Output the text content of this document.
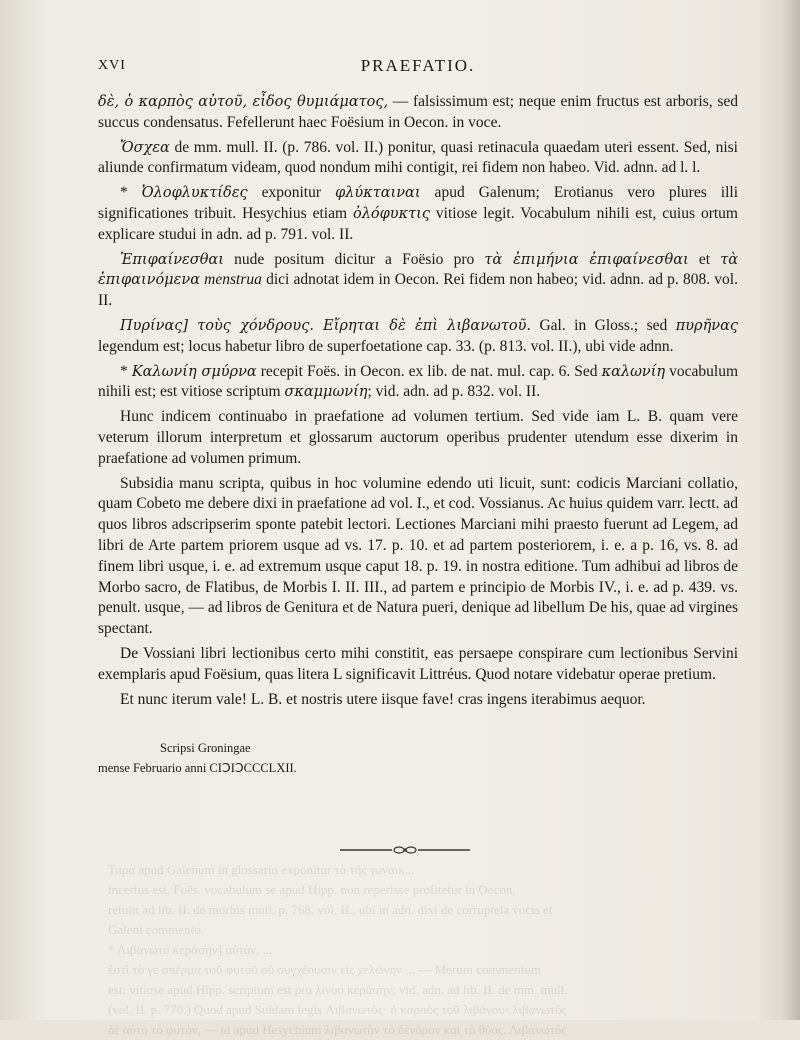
Ταρα apud Galenum in glossario exponitur τὸ τῆς γυναικ...
incertus est. Foës. vocabulum se apud Hipp. non reperisse profitetur in Oecon.
retulit ad lib. II. de morbis mull. p. 768. vol. II., ubi in adn. dixi de corruptela vocis et
Galeni commento.
* Λιβανωτὸ κεράσην] αὐτὸν, ...
ἐστὶ τὸ γε σπέρμα τοῦ φυτοῦ οὐ συγχέουσιν εἰς χελώνην ... — Merum commentum
est: vitiose apud Hipp. scriptum est pro λίνου κεράσην; vid. adn. ad lib. II. de mm. mull.
(vol. II. p. 770.) Quod apud Suidam legis Λιβανωτὸς· ὁ καρπὸς τοῦ λιβάνου· λιβανωτὸς
δὲ αὐτὸ τὸ φυτὸν, — id apud Hesychium λιβανωτὸν τὸ δένδρον καὶ τὸ θῦος. Λιβανωτός
XVI	PRAEFATIO.

δὲ, ὁ καρπὸς αὐτοῦ, εἶδος θυμιάματος, — falsissimum est; neque enim fructus est arboris, sed succus condensatus. Fefellerunt haec Foësium in Oecon. in voce.

Ὄσχεα de mm. mull. II. (p. 786. vol. II.) ponitur, quasi retinacula quaedam uteri essent. Sed, nisi aliunde confirmatum videam, quod nondum mihi contigit, rei fidem non habeo. Vid. adnn. ad l. l.

* Ὀλοφλυκτίδες exponitur φλύκταιναι apud Galenum; Erotianus vero plures illi significationes tribuit. Hesychius etiam ὀλόφυκτις vitiose legit. Vocabulum nihili est, cuius ortum explicare studui in adn. ad p. 791. vol. II.

Ἐπιφαίνεσθαι nude positum dicitur a Foësio pro τὰ ἐπιμήνια ἐπιφαίνεσθαι et τὰ ἐπιφαινόμενα menstrua dici adnotat idem in Oecon. Rei fidem non habeo; vid. adnn. ad p. 808. vol. II.

Πυρίνας] τοὺς χόνδρους. Εἴρηται δὲ ἐπὶ λιβανωτοῦ. Gal. in Gloss.; sed πυρῆνας legendum est; locus habetur libro de superfoetatione cap. 33. (p. 813. vol. II.), ubi vide adnn.

* Καλωνίη σμύρνα recepit Foës. in Oecon. ex lib. de nat. mul. cap. 6. Sed καλωνίη vocabulum nihili est; est vitiose scriptum σκαμμωνίη; vid. adn. ad p. 832. vol. II.

Hunc indicem continuabo in praefatione ad volumen tertium. Sed vide iam L. B. quam vere veterum illorum interpretum et glossarum auctorum operibus prudenter utendum esse dixerim in praefatione ad volumen primum.

Subsidia manu scripta, quibus in hoc volumine edendo uti licuit, sunt: codicis Marciani collatio, quam Cobeto me debere dixi in praefatione ad vol. I., et cod. Vossianus. Ac huius quidem varr. lectt. ad quos libros adscripserim sponte patebit lectori. Lectiones Marciani mihi praesto fuerunt ad Legem, ad libri de Arte partem priorem usque ad vs. 17. p. 10. et ad partem posteriorem, i. e. a p. 16, vs. 8. ad finem libri usque, i. e. ad extremum usque caput 18. p. 19. in nostra editione. Tum adhibui ad libros de Morbo sacro, de Flatibus, de Morbis I. II. III., ad partem e principio de Morbis IV., i. e. ad p. 439. vs. penult. usque, — ad libros de Genitura et de Natura pueri, denique ad libellum De his, quae ad virgines spectant.

De Vossiani libri lectionibus certo mihi constitit, eas persaepe conspirare cum lectionibus Servini exemplaris apud Foësium, quas litera L significavit Littréus. Quod notare videbatur operae pretium.

Et nunc iterum vale! L. B. et nostris utere iisque fave! cras ingens iterabimus aequor.

Scripsi Groningae
mense Februario anni CIↃIↃCCCLXII.
